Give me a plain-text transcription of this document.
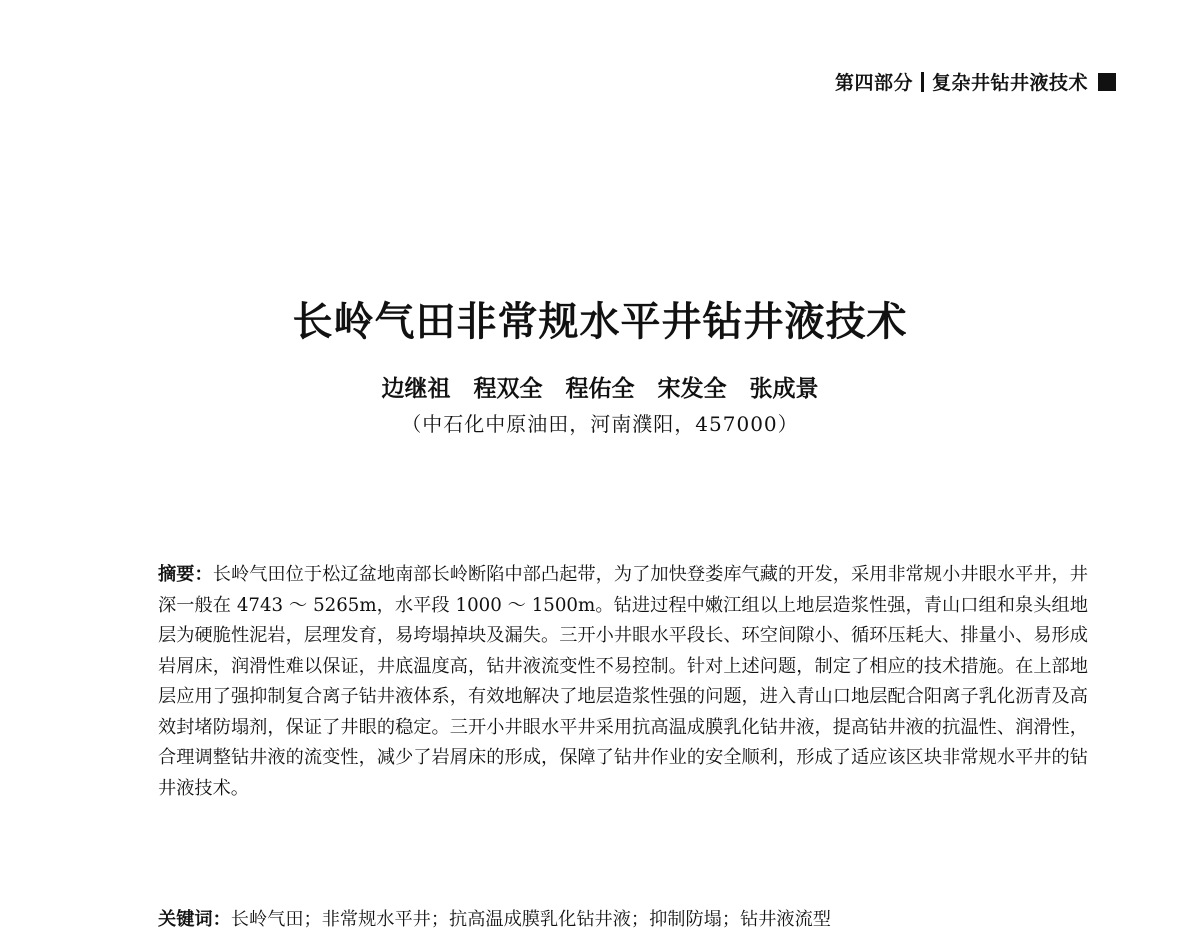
第四部分 复杂井钻井液技术
长岭气田非常规水平井钻井液技术
边继祖　程双全　程佑全　宋发全　张成景
（中石化中原油田，河南濮阳，457000）
摘要：长岭气田位于松辽盆地南部长岭断陷中部凸起带，为了加快登娄库气藏的开发，采用非常规小井眼水平井，井深一般在 4743 ～ 5265m，水平段 1000 ～ 1500m。钻进过程中嫩江组以上地层造浆性强，青山口组和泉头组地层为硬脆性泥岩，层理发育，易垮塌掉块及漏失。三开小井眼水平段长、环空间隙小、循环压耗大、排量小、易形成岩屑床，润滑性难以保证，井底温度高，钻井液流变性不易控制。针对上述问题，制定了相应的技术措施。在上部地层应用了强抑制复合离子钻井液体系，有效地解决了地层造浆性强的问题，进入青山口地层配合阳离子乳化沥青及高效封堵防塌剂，保证了井眼的稳定。三开小井眼水平井采用抗高温成膜乳化钻井液，提高钻井液的抗温性、润滑性，合理调整钻井液的流变性，减少了岩屑床的形成，保障了钻井作业的安全顺利，形成了适应该区块非常规水平井的钻井液技术。
关键词：长岭气田；非常规水平井；抗高温成膜乳化钻井液；抑制防塌；钻井液流型
